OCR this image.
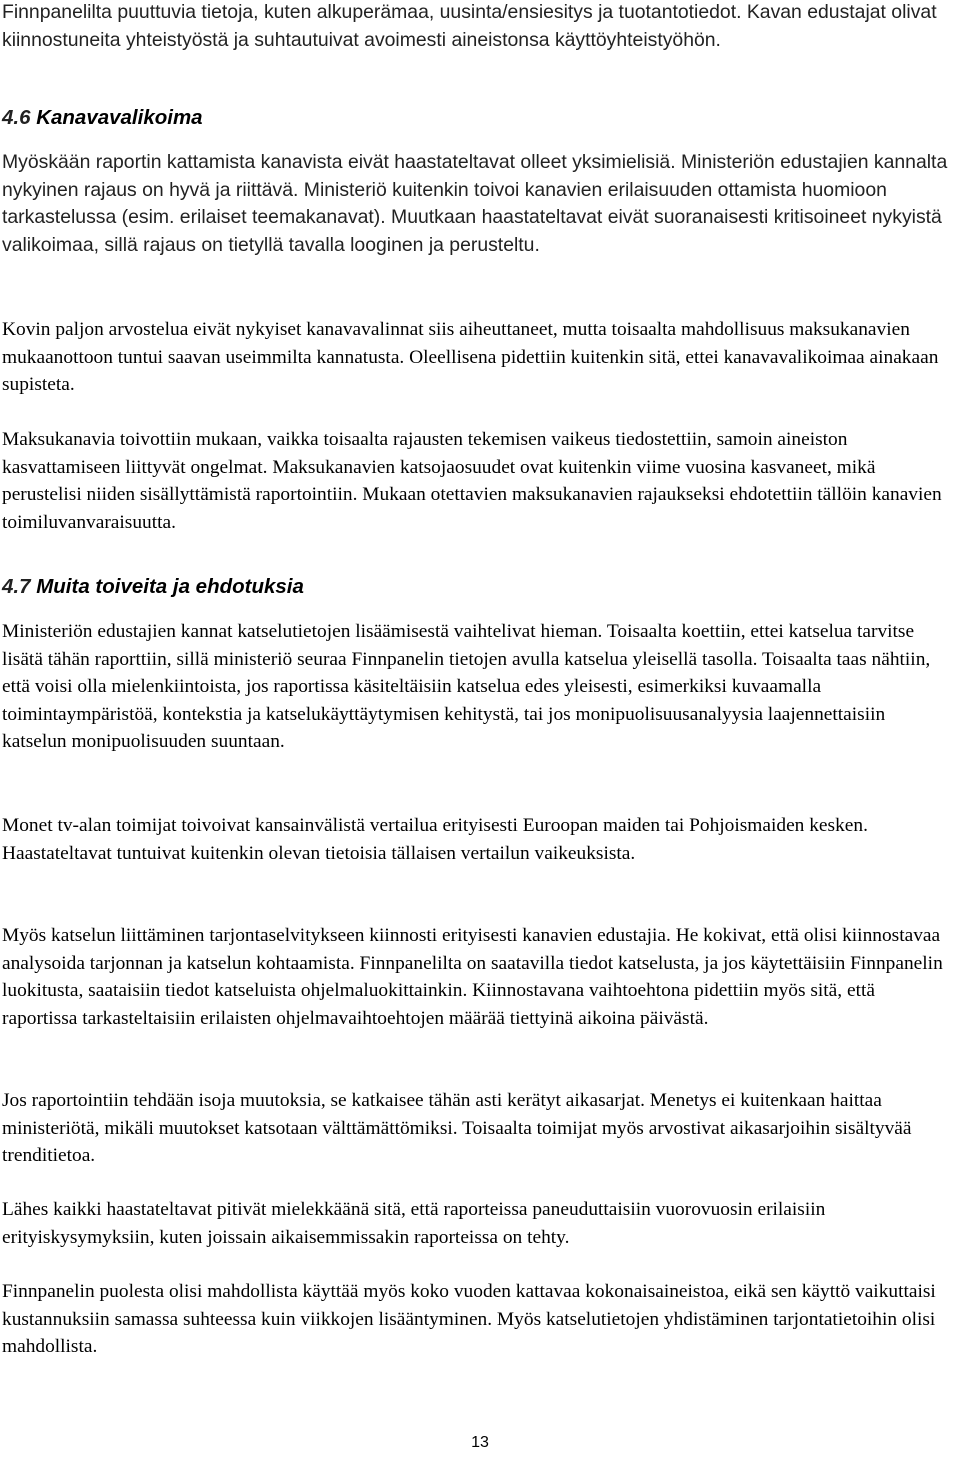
Finnpanelilta puuttuvia tietoja, kuten alkuperämaa, uusinta/ensiesitys ja tuotantotiedot. Kavan edustajat olivat kiinnostuneita yhteistyöstä ja suhtautuivat avoimesti aineistonsa käyttöyhteistyöhön.

4.6 Kanavavalikoima

Myöskään raportin kattamista kanavista eivät haastateltavat olleet yksimielisiä. Ministeriön edustajien kannalta nykyinen rajaus on hyvä ja riittävä. Ministeriö kuitenkin toivoi kanavien erilaisuuden ottamista huomioon tarkastelussa (esim. erilaiset teemakanavat). Muutkaan haastateltavat eivät suoranaisesti kritisoineet nykyistä valikoimaa, sillä rajaus on tietyllä tavalla looginen ja perusteltu.

Kovin paljon arvostelua eivät nykyiset kanavavalinnat siis aiheuttaneet, mutta toisaalta mahdollisuus maksukanavien mukaanottoon tuntui saavan useimmilta kannatusta. Oleellisena pidettiin kuitenkin sitä, ettei kanavavalikoimaa ainakaan supisteta.

Maksukanavia toivottiin mukaan, vaikka toisaalta rajausten tekemisen vaikeus tiedostettiin, samoin aineiston kasvattamiseen liittyvät ongelmat. Maksukanavien katsojaosuudet ovat kuitenkin viime vuosina kasvaneet, mikä perustelisi niiden sisällyttämistä raportointiin. Mukaan otettavien maksukanavien rajaukseksi ehdotettiin tällöin kanavien toimiluvanvaraisuutta.

4.7 Muita toiveita ja ehdotuksia

Ministeriön edustajien kannat katselutietojen lisäämisestä vaihtelivat hieman. Toisaalta koettiin, ettei katselua tarvitse lisätä tähän raporttiin, sillä ministeriö seuraa Finnpanelin tietojen avulla katselua yleisellä tasolla. Toisaalta taas nähtiin, että voisi olla mielenkiintoista, jos raportissa käsiteltäisiin katselua edes yleisesti, esimerkiksi kuvaamalla toimintaympäristöä, kontekstia ja katselukäyttäytymisen kehitystä, tai jos monipuolisuusanalyysia laajennettaisiin katselun monipuolisuuden suuntaan.

Monet tv-alan toimijat toivoivat kansainvälistä vertailua erityisesti Euroopan maiden tai Pohjoismaiden kesken. Haastateltavat tuntuivat kuitenkin olevan tietoisia tällaisen vertailun vaikeuksista.

Myös katselun liittäminen tarjontaselvitykseen kiinnosti erityisesti kanavien edustajia. He kokivat, että olisi kiinnostavaa analysoida tarjonnan ja katselun kohtaamista. Finnpanelilta on saatavilla tiedot katselusta, ja jos käytettäisiin Finnpanelin luokitusta, saataisiin tiedot katseluista ohjelmaluokittainkin. Kiinnostavana vaihtoehtona pidettiin myös sitä, että raportissa tarkasteltaisiin erilaisten ohjelmavaihtoehtojen määrää tiettyinä aikoina päivästä.

Jos raportointiin tehdään isoja muutoksia, se katkaisee tähän asti kerätyt aikasarjat. Menetys ei kuitenkaan haittaa ministeriötä, mikäli muutokset katsotaan välttämättömiksi. Toisaalta toimijat myös arvostivat aikasarjoihin sisältyvää trenditietoa.

Lähes kaikki haastateltavat pitivät mielekkäänä sitä, että raporteissa paneuduttaisiin vuorovuosin erilaisiin erityiskysymyksiin, kuten joissain aikaisemmissakin raporteissa on tehty.

Finnpanelin puolesta olisi mahdollista käyttää myös koko vuoden kattavaa kokonaisaineistoa, eikä sen käyttö vaikuttaisi kustannuksiin samassa suhteessa kuin viikkojen lisääntyminen. Myös katselutietojen yhdistäminen tarjontatietoihin olisi mahdollista.

13
